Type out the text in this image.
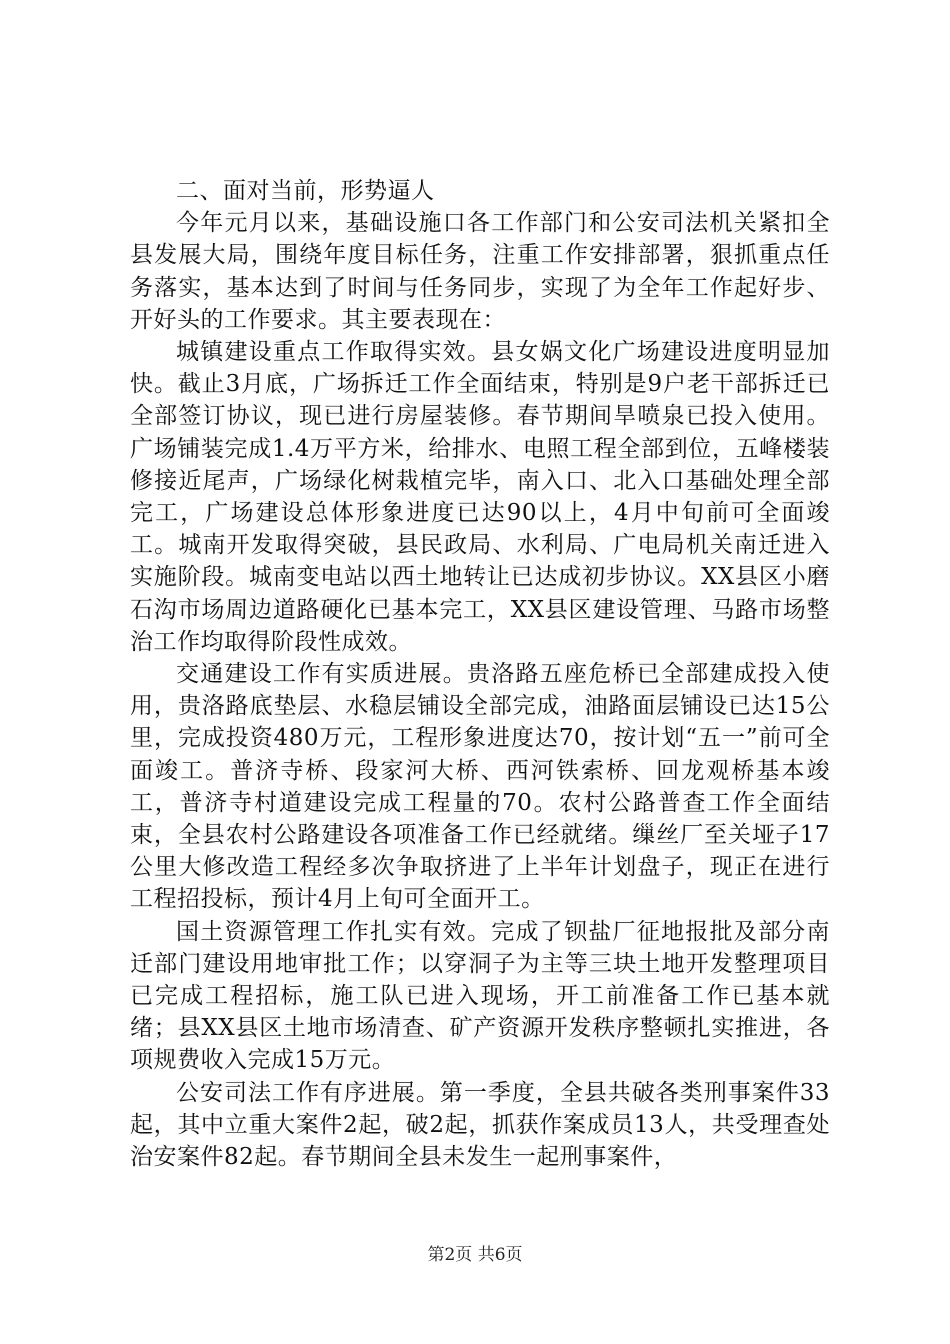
二、面对当前，形势逼人

今年元月以来，基础设施口各工作部门和公安司法机关紧扣全县发展大局，围绕年度目标任务，注重工作安排部署，狠抓重点任务落实，基本达到了时间与任务同步，实现了为全年工作起好步、开好头的工作要求。其主要表现在：

城镇建设重点工作取得实效。县女娲文化广场建设进度明显加快。截止3月底，广场拆迁工作全面结束，特别是9户老干部拆迁已全部签订协议，现已进行房屋装修。春节期间旱喷泉已投入使用。广场铺装完成1.4万平方米，给排水、电照工程全部到位，五峰楼装修接近尾声，广场绿化树栽植完毕，南入口、北入口基础处理全部完工，广场建设总体形象进度已达90以上，4月中旬前可全面竣工。城南开发取得突破，县民政局、水利局、广电局机关南迁进入实施阶段。城南变电站以西土地转让已达成初步协议。XX县区小磨石沟市场周边道路硬化已基本完工，XX县区建设管理、马路市场整治工作均取得阶段性成效。

交通建设工作有实质进展。贵洛路五座危桥已全部建成投入使用，贵洛路底垫层、水稳层铺设全部完成，油路面层铺设已达15公里，完成投资480万元，工程形象进度达70，按计划“五一”前可全面竣工。普济寺桥、段家河大桥、西河铁索桥、回龙观桥基本竣工，普济寺村道建设完成工程量的70。农村公路普查工作全面结束，全县农村公路建设各项准备工作已经就绪。缫丝厂至关垭子17公里大修改造工程经多次争取挤进了上半年计划盘子，现正在进行工程招投标，预计4月上旬可全面开工。

国土资源管理工作扎实有效。完成了钡盐厂征地报批及部分南迁部门建设用地审批工作；以穿洞子为主等三块土地开发整理项目已完成工程招标，施工队已进入现场，开工前准备工作已基本就绪；县XX县区土地市场清查、矿产资源开发秩序整顿扎实推进，各项规费收入完成15万元。

公安司法工作有序进展。第一季度，全县共破各类刑事案件33起，其中立重大案件2起，破2起，抓获作案成员13人，共受理查处治安案件82起。春节期间全县未发生一起刑事案件，

第2页 共6页
